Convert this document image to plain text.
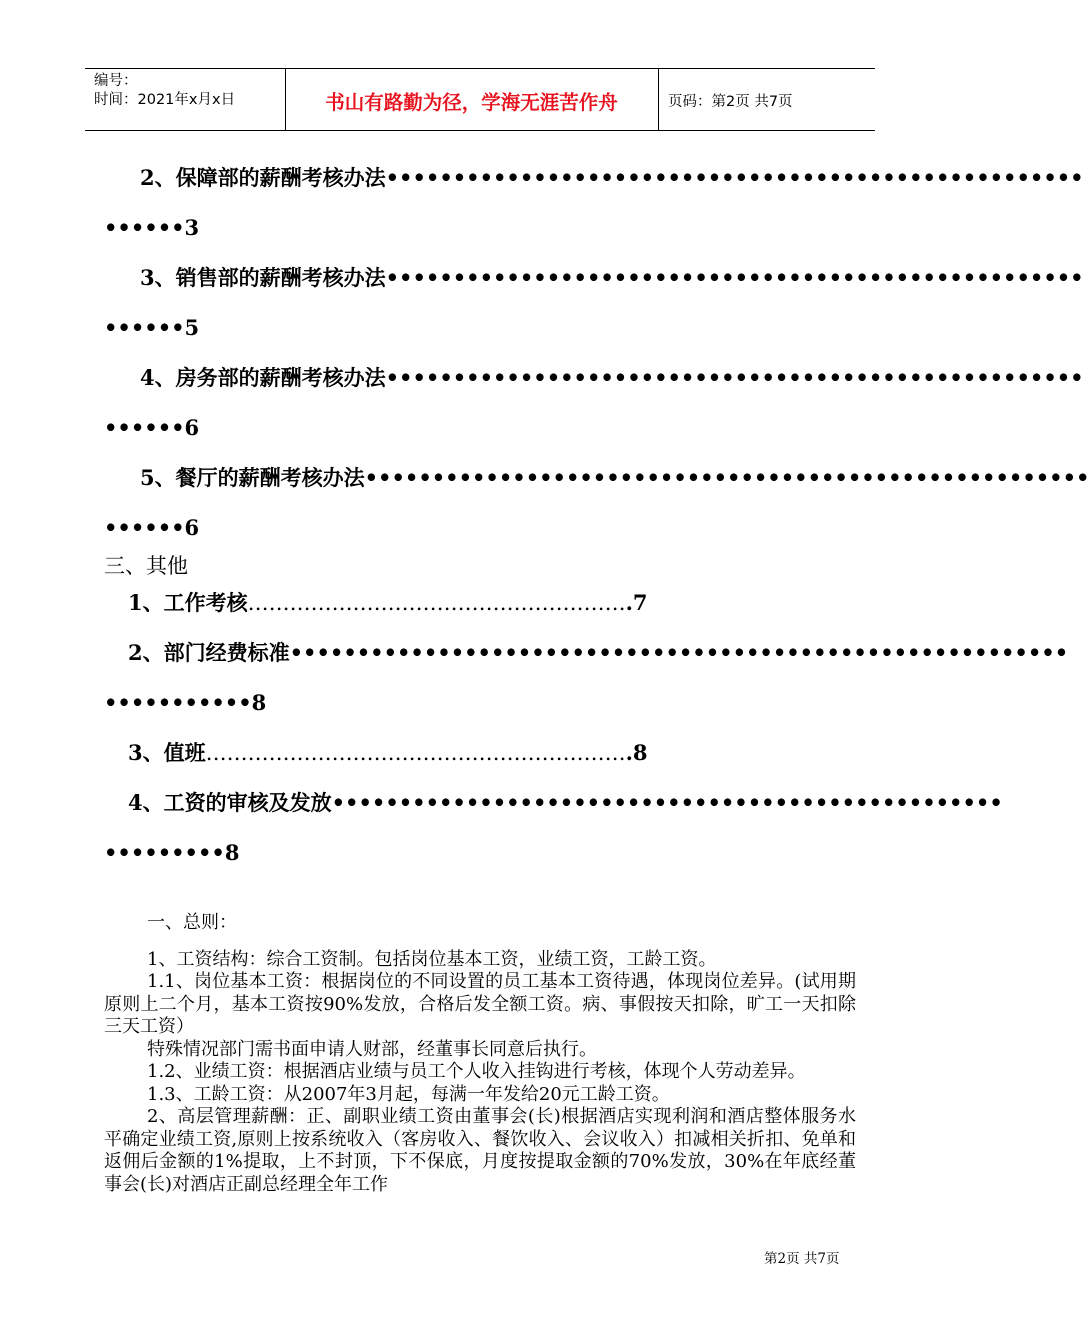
编号：
时间：2021年x月x日	书山有路勤为径，学海无涯苦作舟	页码：第2页 共7页
2、保障部的薪酬考核办法••••••••••••••••••••••••••••••••••••••••••••••••••••
••••••3
3、销售部的薪酬考核办法••••••••••••••••••••••••••••••••••••••••••••••••••••
••••••5
4、房务部的薪酬考核办法••••••••••••••••••••••••••••••••••••••••••••••••••••
••••••6
5、餐厅的薪酬考核办法••••••••••••••••••••••••••••••••••••••••••••••••••••••
••••••6
三、其他
1、工作考核……………………………………………….7
2、部门经费标准••••••••••••••••••••••••••••••••••••••••••••••••••••••••••
•••••••••••8
3、值班…………………………………………………….8
4、工资的审核及发放••••••••••••••••••••••••••••••••••••••••••••••••••
•••••••••8

一、总则：

1、工资结构：综合工资制。包括岗位基本工资，业绩工资，工龄工资。

1.1、岗位基本工资：根据岗位的不同设置的员工基本工资待遇，体现岗位差异。(试用期原则上二个月，基本工资按90%发放，合格后发全额工资。病、事假按天扣除，旷工一天扣除三天工资）

特殊情况部门需书面申请人财部，经董事长同意后执行。

1.2、业绩工资：根据酒店业绩与员工个人收入挂钩进行考核，体现个人劳动差异。

1.3、工龄工资：从2007年3月起，每满一年发给20元工龄工资。

2、高层管理薪酬：正、副职业绩工资由董事会(长)根据酒店实现利润和酒店整体服务水平确定业绩工资,原则上按系统收入（客房收入、餐饮收入、会议收入）扣减相关折扣、免单和返佣后金额的1%提取，上不封顶，下不保底，月度按提取金额的70%发放，30%在年底经董事会(长)对酒店正副总经理全年工作

第2页 共7页
